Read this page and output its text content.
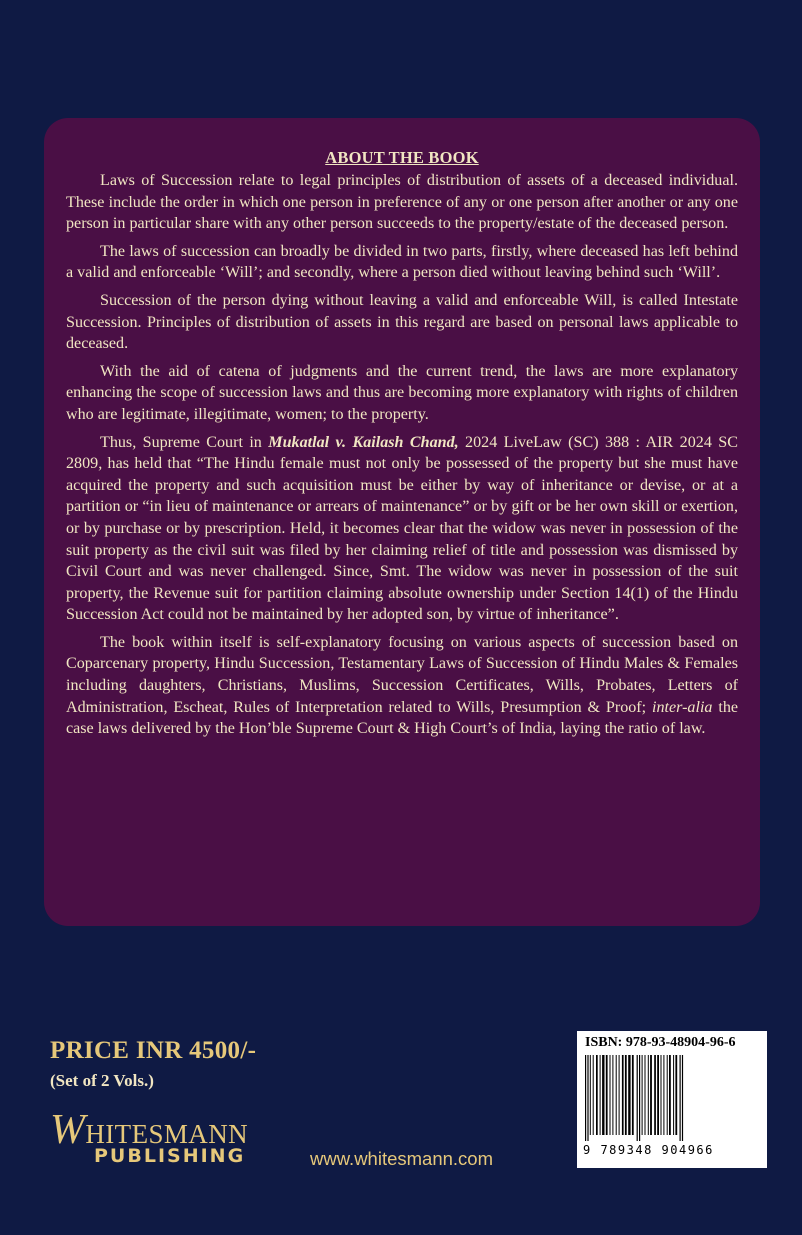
ABOUT THE BOOK

Laws of Succession relate to legal principles of distribution of assets of a deceased individual. These include the order in which one person in preference of any or one person after another or any one person in particular share with any other person succeeds to the property/estate of the deceased person.

The laws of succession can broadly be divided in two parts, firstly, where deceased has left behind a valid and enforceable ‘Will’; and secondly, where a person died without leaving behind such ‘Will’.

Succession of the person dying without leaving a valid and enforceable Will, is called Intestate Succession. Principles of distribution of assets in this regard are based on personal laws applicable to deceased.

With the aid of catena of judgments and the current trend, the laws are more explanatory enhancing the scope of succession laws and thus are becoming more explanatory with rights of children who are legitimate, illegitimate, women; to the property.

Thus, Supreme Court in Mukatlal v. Kailash Chand, 2024 LiveLaw (SC) 388 : AIR 2024 SC 2809, has held that “The Hindu female must not only be possessed of the property but she must have acquired the property and such acquisition must be either by way of inheritance or devise, or at a partition or “in lieu of maintenance or arrears of maintenance” or by gift or be her own skill or exertion, or by purchase or by prescription. Held, it becomes clear that the widow was never in possession of the suit property as the civil suit was filed by her claiming relief of title and possession was dismissed by Civil Court and was never challenged. Since, Smt. The widow was never in possession of the suit property, the Revenue suit for partition claiming absolute ownership under Section 14(1) of the Hindu Succession Act could not be maintained by her adopted son, by virtue of inheritance”.

The book within itself is self-explanatory focusing on various aspects of succession based on Coparcenary property, Hindu Succession, Testamentary Laws of Succession of Hindu Males & Females including daughters, Christians, Muslims, Succession Certificates, Wills, Probates, Letters of Administration, Escheat, Rules of Interpretation related to Wills, Presumption & Proof; inter-alia the case laws delivered by the Hon’ble Supreme Court & High Court’s of India, laying the ratio of law.

PRICE INR 4500/-
(Set of 2 Vols.)
WHITESMANN
PUBLISHING	www.whitesmann.com
ISBN: 978-93-48904-96-6
9 789348 904966
